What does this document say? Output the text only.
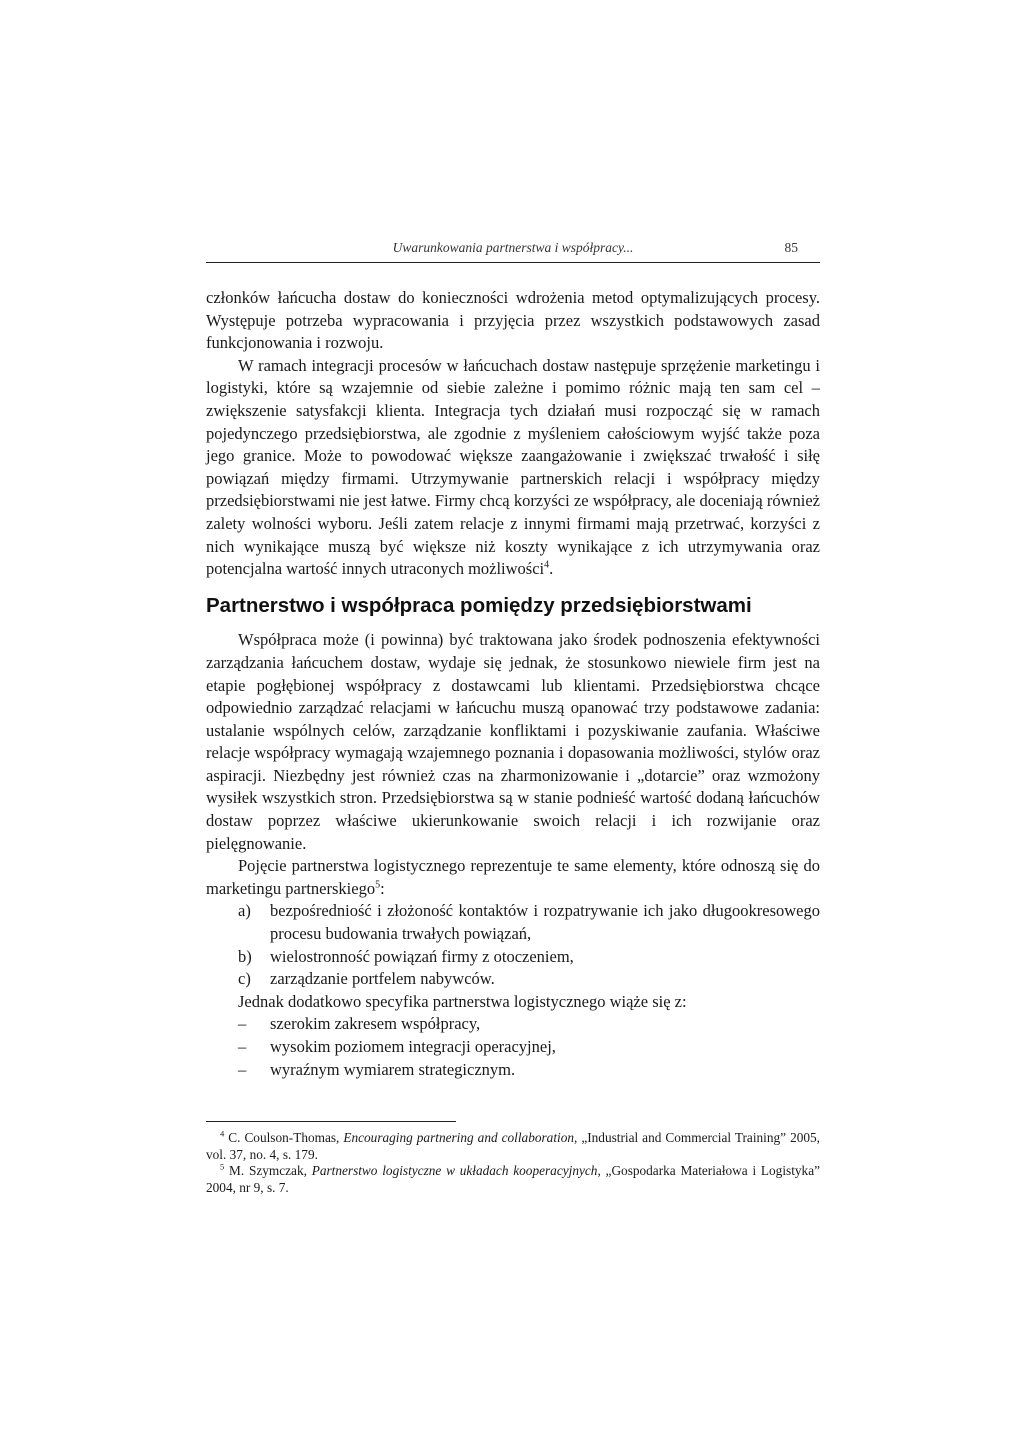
Uwarunkowania partnerstwa i współpracy...	85

członków łańcucha dostaw do konieczności wdrożenia metod optymalizujących procesy. Występuje potrzeba wypracowania i przyjęcia przez wszystkich podstawowych zasad funkcjonowania i rozwoju.

W ramach integracji procesów w łańcuchach dostaw następuje sprzężenie marketingu i logistyki, które są wzajemnie od siebie zależne i pomimo różnic mają ten sam cel – zwiększenie satysfakcji klienta. Integracja tych działań musi rozpocząć się w ramach pojedynczego przedsiębiorstwa, ale zgodnie z myśleniem całościowym wyjść także poza jego granice. Może to powodować większe zaangażowanie i zwiększać trwałość i siłę powiązań między firmami. Utrzymywanie partnerskich relacji i współpracy między przedsiębiorstwami nie jest łatwe. Firmy chcą korzyści ze współpracy, ale doceniają również zalety wolności wyboru. Jeśli zatem relacje z innymi firmami mają przetrwać, korzyści z nich wynikające muszą być większe niż koszty wynikające z ich utrzymywania oraz potencjalna wartość innych utraconych możliwości$^4$.

Partnerstwo i współpraca pomiędzy przedsiębiorstwami

Współpraca może (i powinna) być traktowana jako środek podnoszenia efektywności zarządzania łańcuchem dostaw, wydaje się jednak, że stosunkowo niewiele firm jest na etapie pogłębionej współpracy z dostawcami lub klientami. Przedsiębiorstwa chcące odpowiednio zarządzać relacjami w łańcuchu muszą opanować trzy podstawowe zadania: ustalanie wspólnych celów, zarządzanie konfliktami i pozyskiwanie zaufania. Właściwe relacje współpracy wymagają wzajemnego poznania i dopasowania możliwości, stylów oraz aspiracji. Niezbędny jest również czas na zharmonizowanie i „dotarcie” oraz wzmożony wysiłek wszystkich stron. Przedsiębiorstwa są w stanie podnieść wartość dodaną łańcuchów dostaw poprzez właściwe ukierunkowanie swoich relacji i ich rozwijanie oraz pielęgnowanie.

Pojęcie partnerstwa logistycznego reprezentuje te same elementy, które odnoszą się do marketingu partnerskiego$^5$:

a) bezpośredniość i złożoność kontaktów i rozpatrywanie ich jako długookresowego procesu budowania trwałych powiązań,
b) wielostronność powiązań firmy z otoczeniem,
c) zarządzanie portfelem nabywców.

Jednak dodatkowo specyfika partnerstwa logistycznego wiąże się z:

– szerokim zakresem współpracy,
– wysokim poziomem integracji operacyjnej,
– wyraźnym wymiarem strategicznym.

$^4$ C. Coulson-Thomas, Encouraging partnering and collaboration, „Industrial and Commercial Training” 2005, vol. 37, no. 4, s. 179.

$^5$ M. Szymczak, Partnerstwo logistyczne w układach kooperacyjnych, „Gospodarka Materiałowa i Logistyka” 2004, nr 9, s. 7.
